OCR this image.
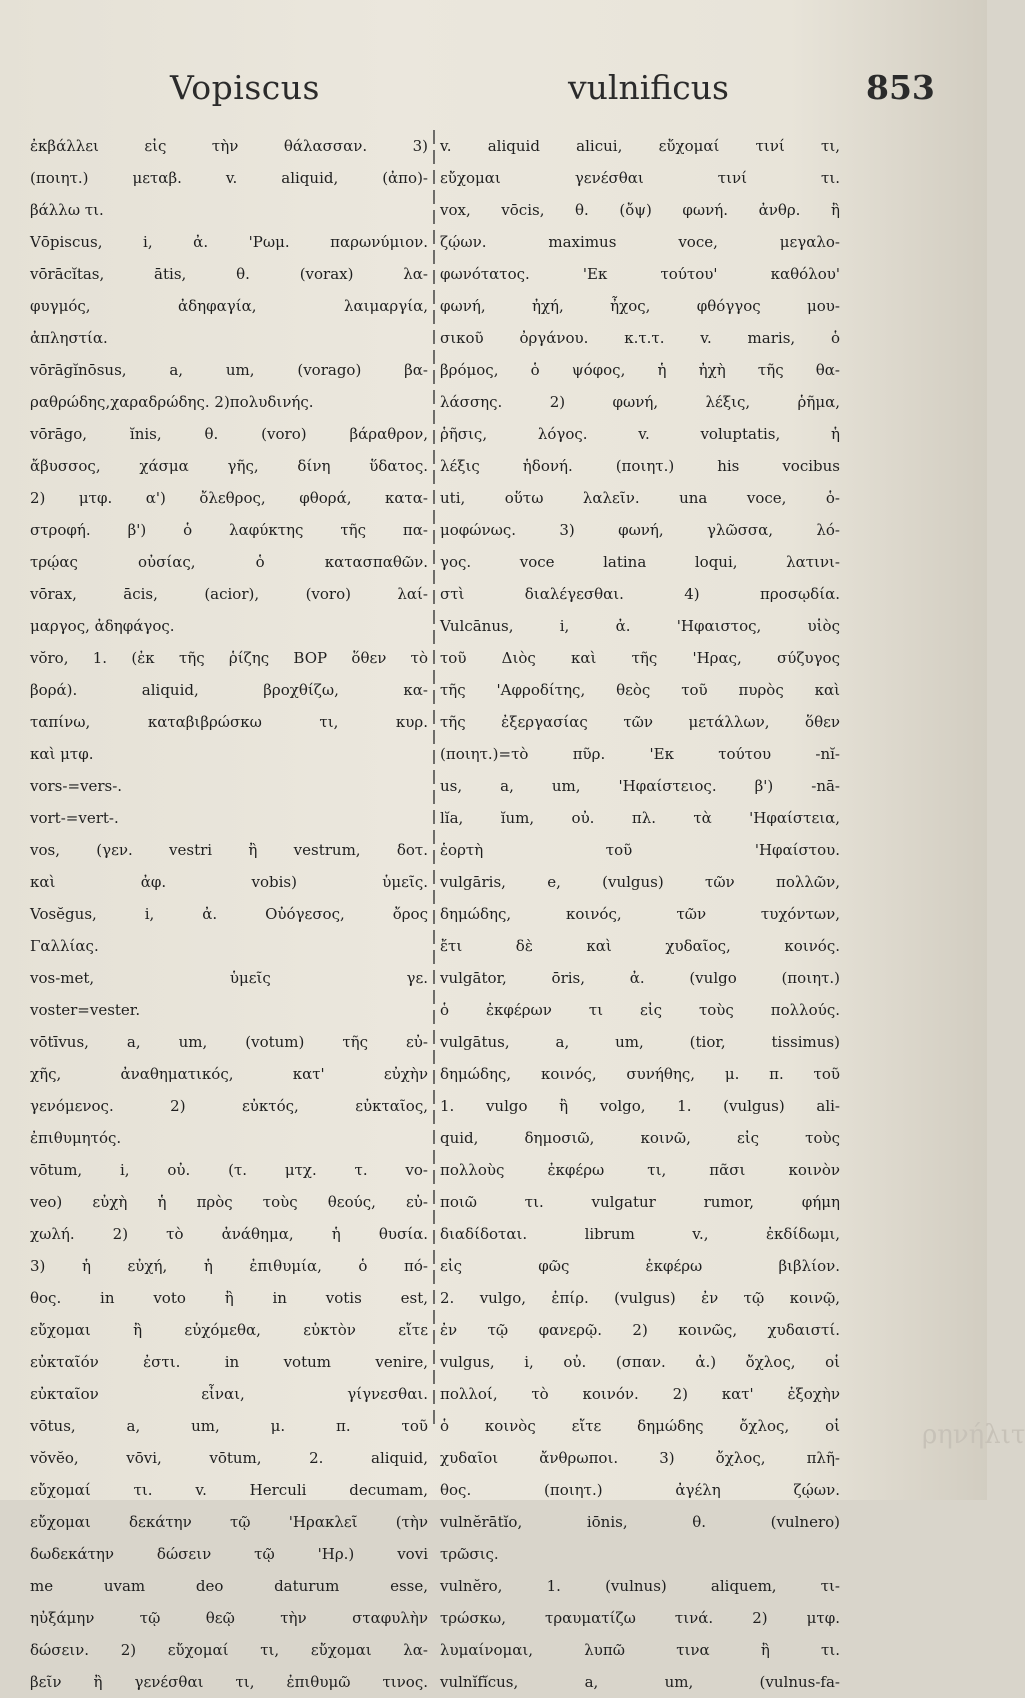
Vopiscus	vulnificus	853
ἐκβάλλει εἰς τὴν θάλασσαν. 3)
(ποιητ.) μεταβ. v. aliquid, (ἀπο)-
βάλλω τι.
Vōpiscus, i, ἀ. 'Ρωμ. παρωνύμιον.
vōrācĭtas, ātis, θ. (vorax) λα-
φυγμός, ἀδηφαγία, λαιμαργία,
ἀπληστία.
vōrāgĭnōsus, a, um, (vorago) βα-
ραθρώδης,χαραδρώδης. 2)πολυδινής.
vōrāgo, ĭnis, θ. (voro) βάραθρον,
ἄβυσσος, χάσμα γῆς, δίνη ὕδατος.
2) μτφ. α') ὄλεθρος, φθορά, κατα-
στροφή. β') ὁ λαφύκτης τῆς πα-
τρῴας οὐσίας, ὁ κατασπαθῶν.
vōrax, ācis, (acior), (voro) λαί-
μαργος, ἀδηφάγος.
vŏro, 1. (ἐκ τῆς ῥίζης BOP ὅθεν τὸ
βορά). aliquid, βροχθίζω, κα-
ταπίνω, καταβιβρώσκω τι, κυρ.
καὶ μτφ.
vors-=vers-.
vort-=vert-.
vos, (γεν. vestri ἢ vestrum, δοτ.
καὶ ἀφ. vobis) ὑμεῖς.
Vosĕgus, i, ἀ. Οὐόγεσος, ὄρος
Γαλλίας.
vos-met, ὑμεῖς γε.
voster=vester.
vōtīvus, a, um, (votum) τῆς εὐ-
χῆς, ἀναθηματικός, κατ' εὐχὴν
γενόμενος. 2) εὐκτός, εὐκταῖος,
ἐπιθυμητός.
vōtum, i, οὐ. (τ. μτχ. τ. vo-
veo) εὐχὴ ἡ πρὸς τοὺς θεούς, εὐ-
χωλή. 2) τὸ ἀνάθημα, ἡ θυσία.
3) ἡ εὐχή, ἡ ἐπιθυμία, ὁ πό-
θος. in voto ἢ in votis est,
εὔχομαι ἢ εὐχόμεθα, εὐκτὸν εἴτε
εὐκταῖόν ἐστι. in votum venire,
εὐκταῖον εἶναι, γίγνεσθαι.
vōtus, a, um, μ. π. τοῦ
vŏvĕo, vōvi, vōtum, 2. aliquid,
εὔχομαί τι. v. Herculi decumam,
εὔχομαι δεκάτην τῷ 'Ηρακλεῖ (τὴν
δωδεκάτην δώσειν τῷ 'Ηρ.) vovi
me uvam deo daturum esse,
ηὐξάμην τῷ θεῷ τὴν σταφυλὴν
δώσειν. 2) εὔχομαί τι, εὔχομαι λα-
βεῖν ἢ γενέσθαι τι, ἐπιθυμῶ τινος.
v. aliquid alicui, εὔχομαί τινί τι,
εὔχομαι γενέσθαι τινί τι.
vox, vōcis, θ. (ὄψ) φωνή. ἀνθρ. ἢ
ζῴων. maximus voce, μεγαλο-
φωνότατος. 'Εκ τούτου' καθόλου'
φωνή, ἠχή, ἦχος, φθόγγος μου-
σικοῦ ὀργάνου. κ.τ.τ. v. maris, ὁ
βρόμος, ὁ ψόφος, ἡ ἠχὴ τῆς θα-
λάσσης. 2) φωνή, λέξις, ῥῆμα,
ῥῆσις, λόγος. v. voluptatis, ἡ
λέξις ἡδονή. (ποιητ.) his vocibus
uti, οὕτω λαλεῖν. una voce, ὁ-
μοφώνως. 3) φωνή, γλῶσσα, λό-
γος. voce latina loqui, λατινι-
στὶ διαλέγεσθαι. 4) προσῳδία.
Vulcānus, i, ἀ. 'Ηφαιστος, υἱὸς
τοῦ Διὸς καὶ τῆς 'Ηρας, σύζυγος
τῆς 'Αφροδίτης, θεὸς τοῦ πυρὸς καὶ
τῆς ἐξεργασίας τῶν μετάλλων, ὅθεν
(ποιητ.)=τὸ πῦρ. 'Εκ τούτου -nĭ-
us, a, um, 'Ηφαίστειος. β') -nā-
lĭa, ĭum, οὐ. πλ. τὰ 'Ηφαίστεια,
ἑορτὴ τοῦ 'Ηφαίστου.
vulgāris, e, (vulgus) τῶν πολλῶν,
δημώδης, κοινός, τῶν τυχόντων,
ἔτι δὲ καὶ χυδαῖος, κοινός.
vulgātor, ōris, ἀ. (vulgo (ποιητ.)
ὁ ἐκφέρων τι εἰς τοὺς πολλούς.
vulgātus, a, um, (tior, tissimus)
δημώδης, κοινός, συνήθης, μ. π. τοῦ
1. vulgo ἢ volgo, 1. (vulgus) ali-
quid, δημοσιῶ, κοινῶ, εἰς τοὺς
πολλοὺς ἐκφέρω τι, πᾶσι κοινὸν
ποιῶ τι. vulgatur rumor, φήμη
διαδίδοται. librum v., ἐκδίδωμι,
εἰς φῶς ἐκφέρω βιβλίον.
2. vulgo, ἐπίρ. (vulgus) ἐν τῷ κοινῷ,
ἐν τῷ φανερῷ. 2) κοινῶς, χυδαιστί.
vulgus, i, οὐ. (σπαν. ἀ.) ὄχλος, οἱ
πολλοί, τὸ κοινόν. 2) κατ' ἐξοχὴν
ὁ κοινὸς εἴτε δημώδης ὄχλος, οἱ
χυδαῖοι ἄνθρωποι. 3) ὄχλος, πλῆ-
θος. (ποιητ.) ἀγέλη ζῴων.
vulnĕrātĭo, iōnis, θ. (vulnero)
τρῶσις.
vulnĕro, 1. (vulnus) aliquem, τι-
τρώσκω, τραυματίζω τινά. 2) μτφ.
λυμαίνομαι, λυπῶ τινα ἢ τι.
vulnĭfĭcus, a, um, (vulnus-fa-
ρηνήλιτ
